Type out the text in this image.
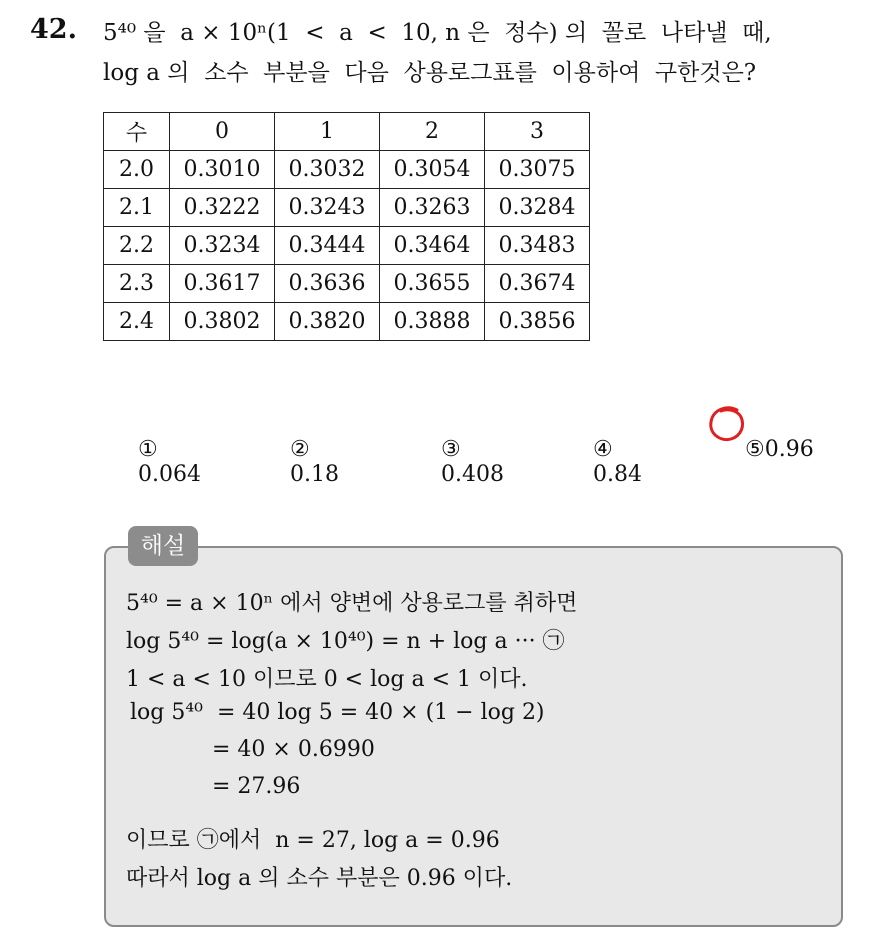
42. 5⁴⁰ 을  a × 10ⁿ(1  <  a  <  10, n 은  정수) 의  꼴로  나타낼  때,
log a 의  소수  부분을  다음  상용로그표를  이용하여  구한것은?
수	0	1	2	3
2.0	0.3010	0.3032	0.3054	0.3075
2.1	0.3222	0.3243	0.3263	0.3284
2.2	0.3234	0.3444	0.3464	0.3483
2.3	0.3617	0.3636	0.3655	0.3674
2.4	0.3802	0.3820	0.3888	0.3856

①
0.064

②
0.18

③
0.408

④
0.84

⑤0.96

해설
5⁴⁰ = a × 10ⁿ 에서 양변에 상용로그를 취하면
log 5⁴⁰ = log(a × 10⁴⁰) = n + log a ··· ㉠
1 < a < 10 이므로 0 < log a < 1 이다.
log 5⁴⁰  = 40 log 5 = 40 × (1 − log 2)
= 40 × 0.6990
= 27.96
이므로 ㉠에서  n = 27, log a = 0.96
따라서 log a 의 소수 부분은 0.96 이다.
